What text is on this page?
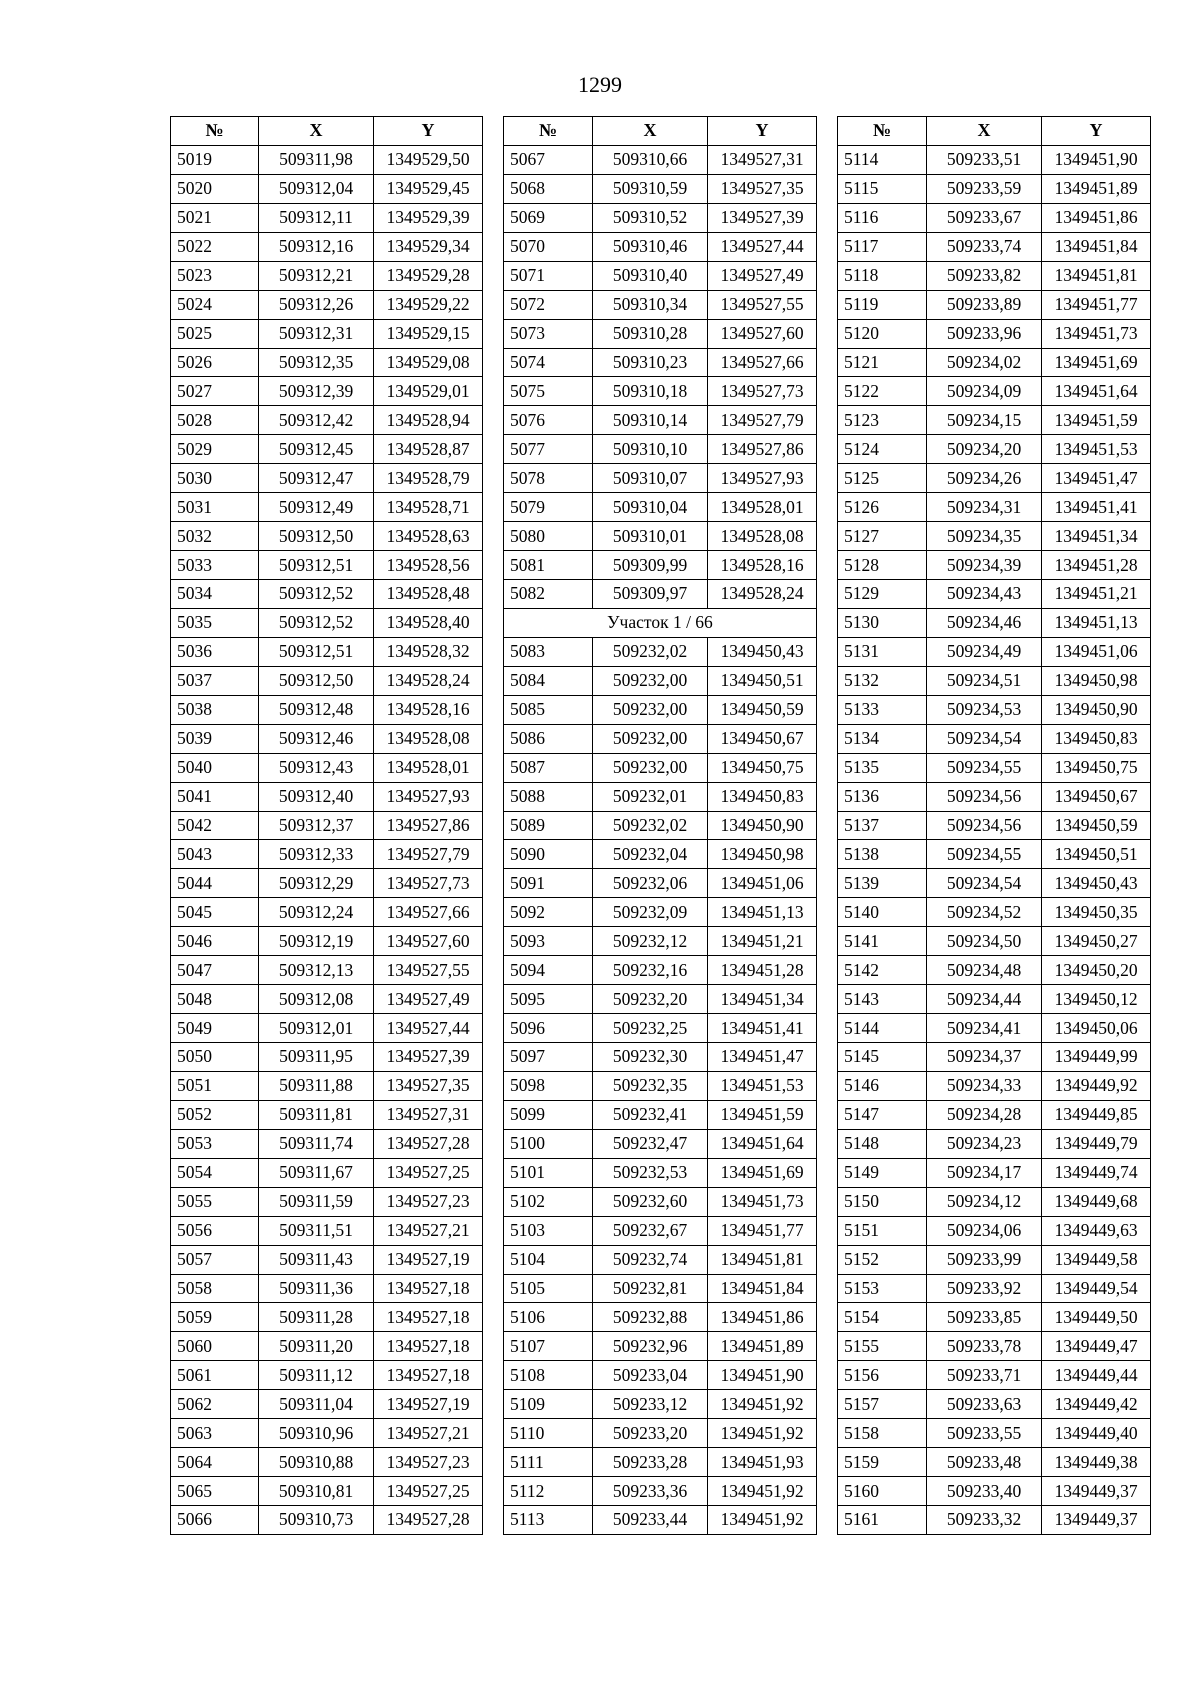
1299
№	X	Y
5019	509311,98	1349529,50
5020	509312,04	1349529,45
5021	509312,11	1349529,39
5022	509312,16	1349529,34
5023	509312,21	1349529,28
5024	509312,26	1349529,22
5025	509312,31	1349529,15
5026	509312,35	1349529,08
5027	509312,39	1349529,01
5028	509312,42	1349528,94
5029	509312,45	1349528,87
5030	509312,47	1349528,79
5031	509312,49	1349528,71
5032	509312,50	1349528,63
5033	509312,51	1349528,56
5034	509312,52	1349528,48
5035	509312,52	1349528,40
5036	509312,51	1349528,32
5037	509312,50	1349528,24
5038	509312,48	1349528,16
5039	509312,46	1349528,08
5040	509312,43	1349528,01
5041	509312,40	1349527,93
5042	509312,37	1349527,86
5043	509312,33	1349527,79
5044	509312,29	1349527,73
5045	509312,24	1349527,66
5046	509312,19	1349527,60
5047	509312,13	1349527,55
5048	509312,08	1349527,49
5049	509312,01	1349527,44
5050	509311,95	1349527,39
5051	509311,88	1349527,35
5052	509311,81	1349527,31
5053	509311,74	1349527,28
5054	509311,67	1349527,25
5055	509311,59	1349527,23
5056	509311,51	1349527,21
5057	509311,43	1349527,19
5058	509311,36	1349527,18
5059	509311,28	1349527,18
5060	509311,20	1349527,18
5061	509311,12	1349527,18
5062	509311,04	1349527,19
5063	509310,96	1349527,21
5064	509310,88	1349527,23
5065	509310,81	1349527,25
5066	509310,73	1349527,28
№	X	Y
5067	509310,66	1349527,31
5068	509310,59	1349527,35
5069	509310,52	1349527,39
5070	509310,46	1349527,44
5071	509310,40	1349527,49
5072	509310,34	1349527,55
5073	509310,28	1349527,60
5074	509310,23	1349527,66
5075	509310,18	1349527,73
5076	509310,14	1349527,79
5077	509310,10	1349527,86
5078	509310,07	1349527,93
5079	509310,04	1349528,01
5080	509310,01	1349528,08
5081	509309,99	1349528,16
5082	509309,97	1349528,24
Участок 1 / 66		
5083	509232,02	1349450,43
5084	509232,00	1349450,51
5085	509232,00	1349450,59
5086	509232,00	1349450,67
5087	509232,00	1349450,75
5088	509232,01	1349450,83
5089	509232,02	1349450,90
5090	509232,04	1349450,98
5091	509232,06	1349451,06
5092	509232,09	1349451,13
5093	509232,12	1349451,21
5094	509232,16	1349451,28
5095	509232,20	1349451,34
5096	509232,25	1349451,41
5097	509232,30	1349451,47
5098	509232,35	1349451,53
5099	509232,41	1349451,59
5100	509232,47	1349451,64
5101	509232,53	1349451,69
5102	509232,60	1349451,73
5103	509232,67	1349451,77
5104	509232,74	1349451,81
5105	509232,81	1349451,84
5106	509232,88	1349451,86
5107	509232,96	1349451,89
5108	509233,04	1349451,90
5109	509233,12	1349451,92
5110	509233,20	1349451,92
5111	509233,28	1349451,93
5112	509233,36	1349451,92
5113	509233,44	1349451,92
№	X	Y
5114	509233,51	1349451,90
5115	509233,59	1349451,89
5116	509233,67	1349451,86
5117	509233,74	1349451,84
5118	509233,82	1349451,81
5119	509233,89	1349451,77
5120	509233,96	1349451,73
5121	509234,02	1349451,69
5122	509234,09	1349451,64
5123	509234,15	1349451,59
5124	509234,20	1349451,53
5125	509234,26	1349451,47
5126	509234,31	1349451,41
5127	509234,35	1349451,34
5128	509234,39	1349451,28
5129	509234,43	1349451,21
5130	509234,46	1349451,13
5131	509234,49	1349451,06
5132	509234,51	1349450,98
5133	509234,53	1349450,90
5134	509234,54	1349450,83
5135	509234,55	1349450,75
5136	509234,56	1349450,67
5137	509234,56	1349450,59
5138	509234,55	1349450,51
5139	509234,54	1349450,43
5140	509234,52	1349450,35
5141	509234,50	1349450,27
5142	509234,48	1349450,20
5143	509234,44	1349450,12
5144	509234,41	1349450,06
5145	509234,37	1349449,99
5146	509234,33	1349449,92
5147	509234,28	1349449,85
5148	509234,23	1349449,79
5149	509234,17	1349449,74
5150	509234,12	1349449,68
5151	509234,06	1349449,63
5152	509233,99	1349449,58
5153	509233,92	1349449,54
5154	509233,85	1349449,50
5155	509233,78	1349449,47
5156	509233,71	1349449,44
5157	509233,63	1349449,42
5158	509233,55	1349449,40
5159	509233,48	1349449,38
5160	509233,40	1349449,37
5161	509233,32	1349449,37
